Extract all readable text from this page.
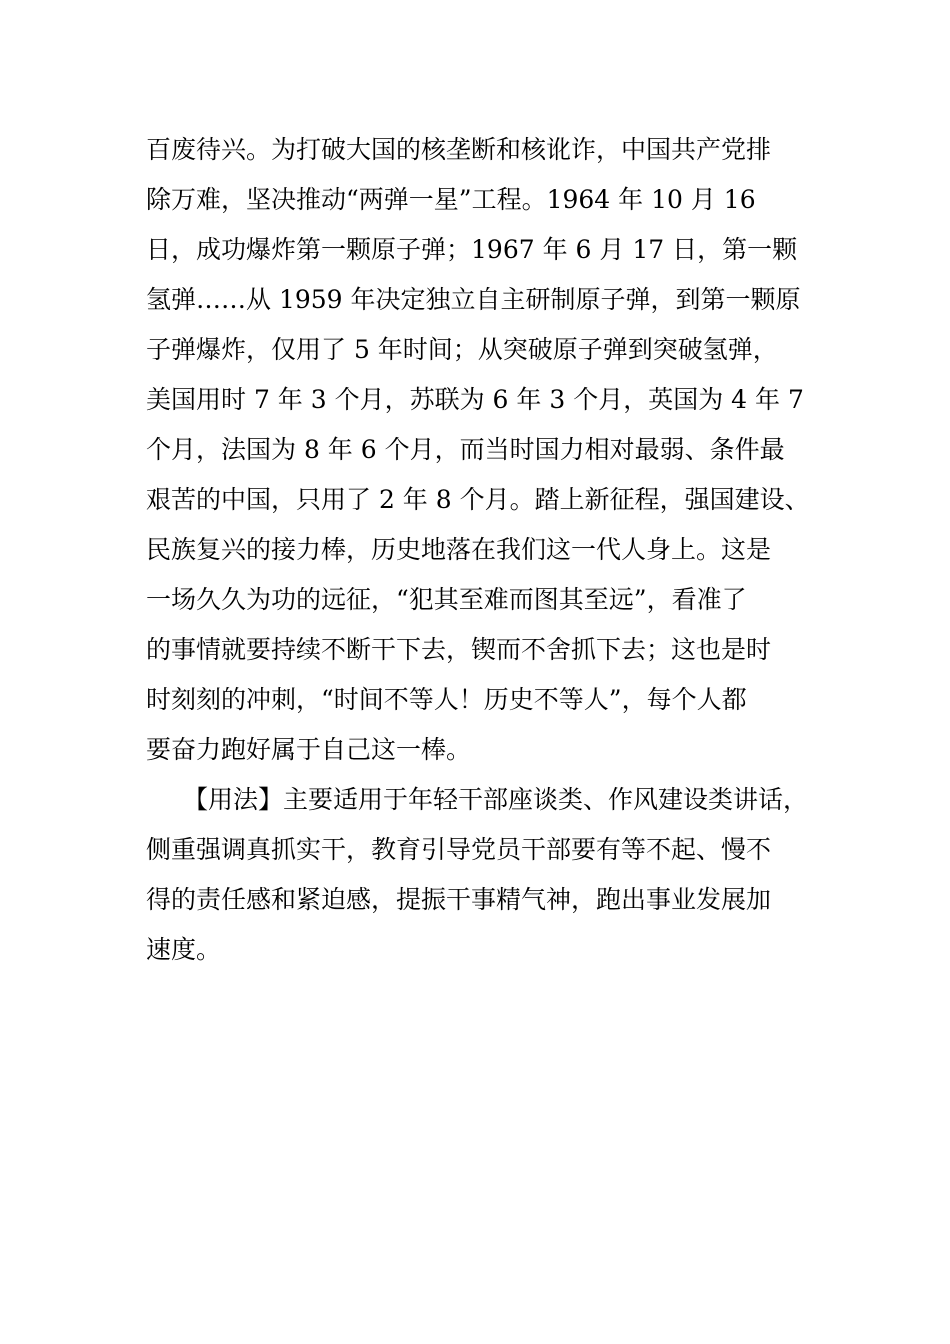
百废待兴。为打破大国的核垄断和核讹诈，中国共产党排
除万难，坚决推动“两弹一星”工程。1964 年 10 月 16
日，成功爆炸第一颗原子弹；1967 年 6 月 17 日，第一颗
氢弹……从 1959 年决定独立自主研制原子弹，到第一颗原
子弹爆炸，仅用了 5 年时间；从突破原子弹到突破氢弹，
美国用时 7 年 3 个月，苏联为 6 年 3 个月，英国为 4 年 7
个月，法国为 8 年 6 个月，而当时国力相对最弱、条件最
艰苦的中国，只用了 2 年 8 个月。踏上新征程，强国建设、
民族复兴的接力棒，历史地落在我们这一代人身上。这是
一场久久为功的远征，“犯其至难而图其至远”，看准了
的事情就要持续不断干下去，锲而不舍抓下去；这也是时
时刻刻的冲刺，“时间不等人！历史不等人”，每个人都
要奋力跑好属于自己这一棒。
【用法】主要适用于年轻干部座谈类、作风建设类讲话，
侧重强调真抓实干，教育引导党员干部要有等不起、慢不
得的责任感和紧迫感，提振干事精气神，跑出事业发展加
速度。
